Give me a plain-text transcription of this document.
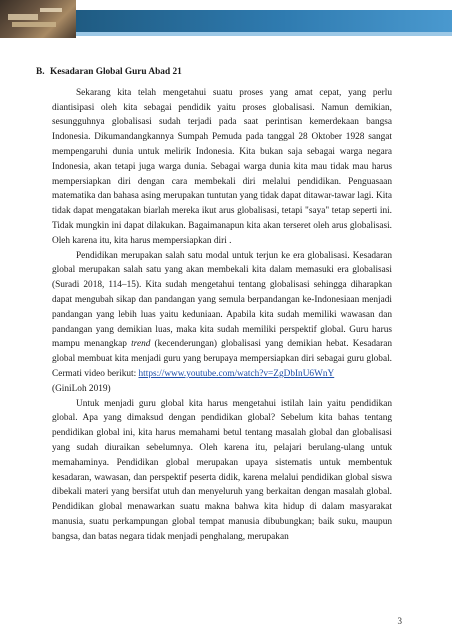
B. Kesadaran Global Guru Abad 21

Sekarang kita telah mengetahui suatu proses yang amat cepat, yang perlu diantisipasi oleh kita sebagai pendidik yaitu proses globalisasi. Namun demikian, sesungguhnya globalisasi sudah terjadi pada saat perintisan kemerdekaan bangsa Indonesia. Dikumandangkannya Sumpah Pemuda pada tanggal 28 Oktober 1928 sangat mempengaruhi dunia untuk melirik Indonesia. Kita bukan saja sebagai warga negara Indonesia, akan tetapi juga warga dunia. Sebagai warga dunia kita mau tidak mau harus mempersiapkan diri dengan cara membekali diri melalui pendidikan. Penguasaan matematika dan bahasa asing merupakan tuntutan yang tidak dapat ditawar-tawar lagi. Kita tidak dapat mengatakan biarlah mereka ikut arus globalisasi, tetapi "saya" tetap seperti ini. Tidak mungkin ini dapat dilakukan. Bagaimanapun kita akan terseret oleh arus globalisasi. Oleh karena itu, kita harus mempersiapkan diri .

Pendidikan merupakan salah satu modal untuk terjun ke era globalisasi. Kesadaran global merupakan salah satu yang akan membekali kita dalam memasuki era globalisasi (Suradi 2018, 114–15). Kita sudah mengetahui tentang globalisasi sehingga diharapkan dapat mengubah sikap dan pandangan yang semula berpandangan ke-Indonesiaan menjadi pandangan yang lebih luas yaitu keduniaan. Apabila kita sudah memiliki wawasan dan pandangan yang demikian luas, maka kita sudah memiliki perspektif global. Guru harus mampu menangkap trend (kecenderungan) globalisasi yang demikian hebat. Kesadaran global membuat kita menjadi guru yang berupaya mempersiapkan diri sebagai guru global. Cermati video berikut: https://www.youtube.com/watch?v=ZgDbInU6WnY

(GiniLoh 2019)

Untuk menjadi guru global kita harus mengetahui istilah lain yaitu pendidikan global. Apa yang dimaksud dengan pendidikan global? Sebelum kita bahas tentang pendidikan global ini, kita harus memahami betul tentang masalah global dan globalisasi yang sudah diuraikan sebelumnya. Oleh karena itu, pelajari berulang-ulang untuk memahaminya. Pendidikan global merupakan upaya sistematis untuk membentuk kesadaran, wawasan, dan perspektif peserta didik, karena melalui pendidikan global siswa dibekali materi yang bersifat utuh dan menyeluruh yang berkaitan dengan masalah global. Pendidikan global menawarkan suatu makna bahwa kita hidup di dalam masyarakat manusia, suatu perkampungan global tempat manusia dibubungkan; baik suku, maupun bangsa, dan batas negara tidak menjadi penghalang, merupakan

3
